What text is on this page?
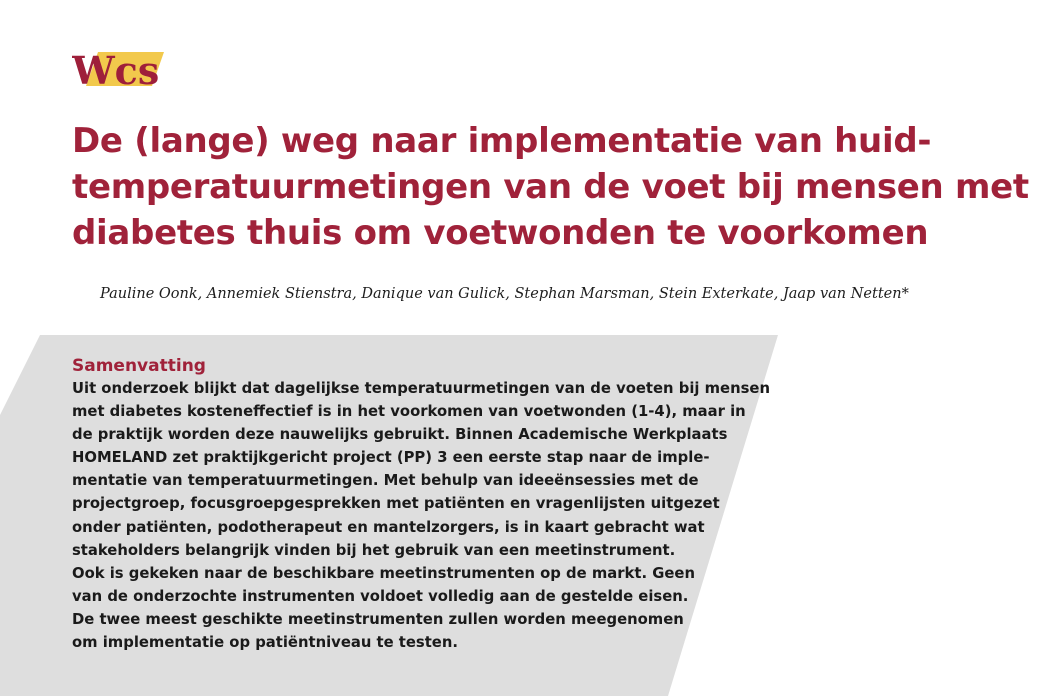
Wcs
De (lange) weg naar implementatie van huid-
temperatuurmetingen van de voet bij mensen met
diabetes thuis om voetwonden te voorkomen
Pauline Oonk, Annemiek Stienstra, Danique van Gulick, Stephan Marsman, Stein Exterkate, Jaap van Netten*
Samenvatting

Uit onderzoek blijkt dat dagelijkse temperatuurmetingen van de voeten bij mensen
met diabetes kosteneffectief is in het voorkomen van voetwonden (1-4), maar in
de praktijk worden deze nauwelijks gebruikt. Binnen Academische Werkplaats
HOMELAND zet praktijkgericht project (PP) 3 een eerste stap naar de imple-
mentatie van temperatuurmetingen. Met behulp van ideeënsessies met de
projectgroep, focusgroepgesprekken met patiënten en vragenlijsten uitgezet
onder patiënten, podotherapeut en mantelzorgers, is in kaart gebracht wat
stakeholders belangrijk vinden bij het gebruik van een meetinstrument.
Ook is gekeken naar de beschikbare meetinstrumenten op de markt. Geen
van de onderzochte instrumenten voldoet volledig aan de gestelde eisen.
De twee meest geschikte meetinstrumenten zullen worden meegenomen
om implementatie op patiëntniveau te testen.
